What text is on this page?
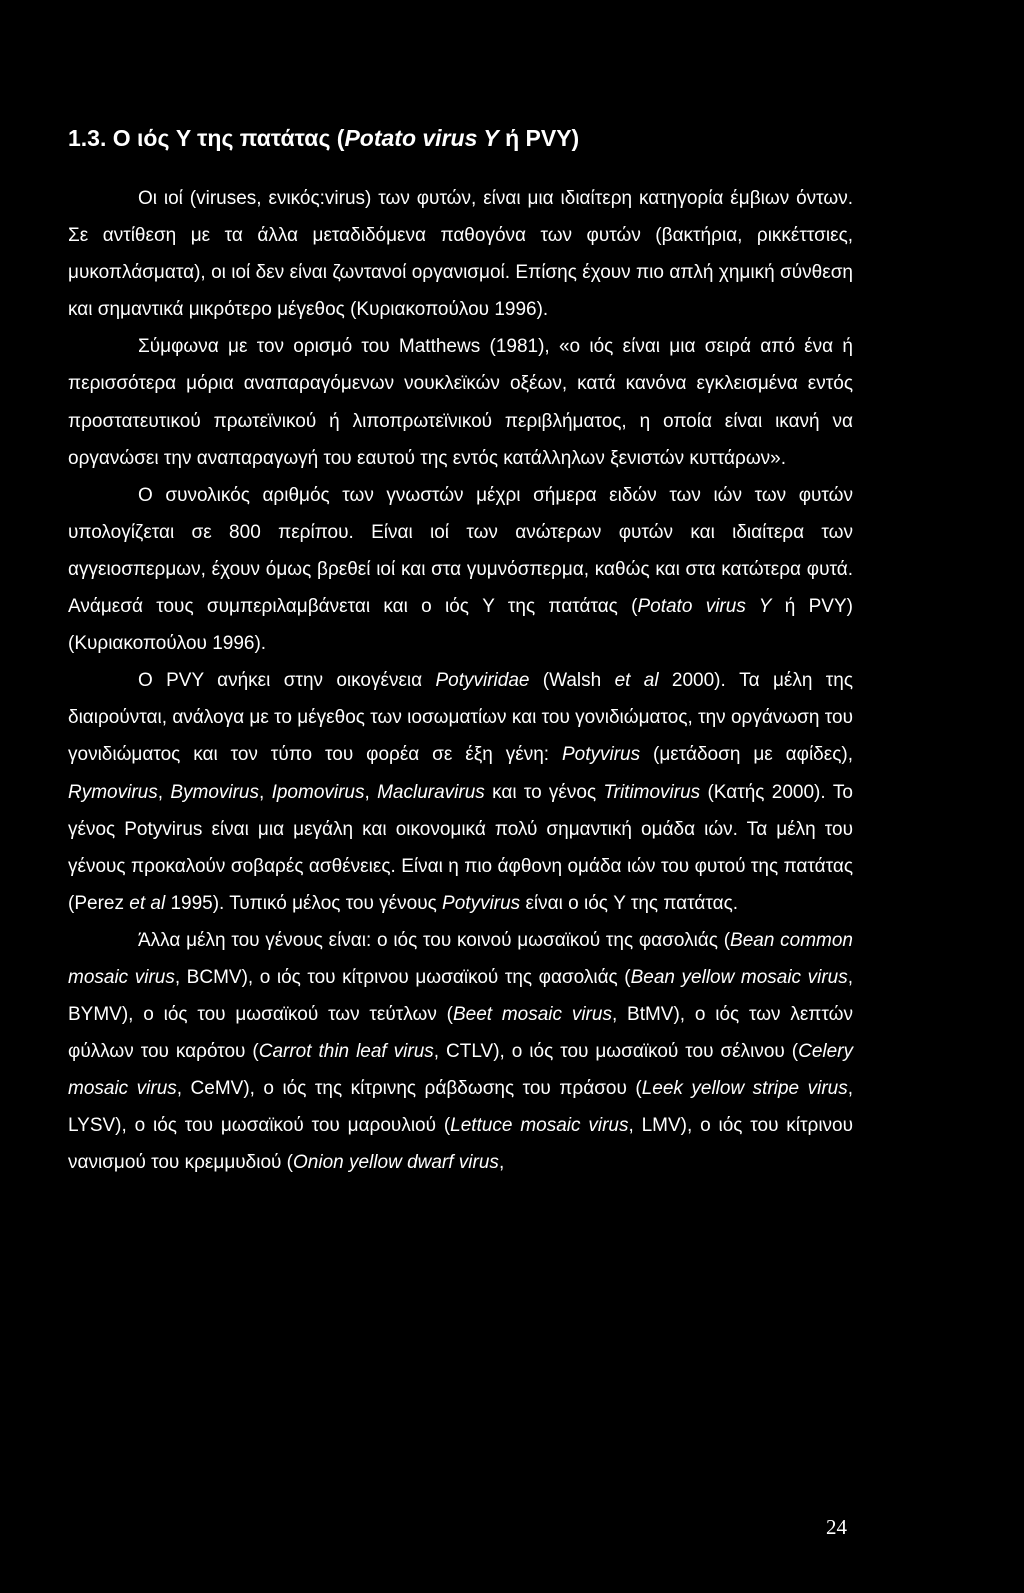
1.3. Ο ιός Y της πατάτας (Potato virus Y ή PVY)

Οι ιοί (viruses, ενικός:virus) των φυτών, είναι μια ιδιαίτερη κατηγορία έμβιων όντων. Σε αντίθεση με τα άλλα μεταδιδόμενα παθογόνα των φυτών (βακτήρια, ρικκέττσιες, μυκοπλάσματα), οι ιοί δεν είναι ζωντανοί οργανισμοί. Επίσης έχουν πιο απλή χημική σύνθεση και σημαντικά μικρότερο μέγεθος (Κυριακοπούλου 1996).

Σύμφωνα με τον ορισμό του Matthews (1981), «ο ιός είναι μια σειρά από ένα ή περισσότερα μόρια αναπαραγόμενων νουκλεϊκών οξέων, κατά κανόνα εγκλεισμένα εντός προστατευτικού πρωτεϊνικού ή λιποπρωτεϊνικού περιβλήματος, η οποία είναι ικανή να οργανώσει την αναπαραγωγή του εαυτού της εντός κατάλληλων ξενιστών κυττάρων».

Ο συνολικός αριθμός των γνωστών μέχρι σήμερα ειδών των ιών των φυτών υπολογίζεται σε 800 περίπου. Είναι ιοί των ανώτερων φυτών και ιδιαίτερα των αγγειοσπερμων, έχουν όμως βρεθεί ιοί και στα γυμνόσπερμα, καθώς και στα κατώτερα φυτά. Ανάμεσά τους συμπεριλαμβάνεται και ο ιός Y της πατάτας (Potato virus Y ή PVY) (Κυριακοπούλου 1996).

Ο PVY ανήκει στην οικογένεια Potyviridae (Walsh et al 2000). Τα μέλη της διαιρούνται, ανάλογα με το μέγεθος των ιοσωματίων και του γονιδιώματος, την οργάνωση του γονιδιώματος και τον τύπο του φορέα σε έξη γένη: Potyvirus (μετάδοση με αφίδες), Rymovirus, Bymovirus, Ipomovirus, Macluravirus και το γένος Tritimovirus (Κατής 2000). Το γένος Potyvirus είναι μια μεγάλη και οικονομικά πολύ σημαντική ομάδα ιών. Τα μέλη του γένους προκαλούν σοβαρές ασθένειες. Είναι η πιο άφθονη ομάδα ιών του φυτού της πατάτας (Perez et al 1995). Τυπικό μέλος του γένους Potyvirus είναι ο ιός Y της πατάτας.

Άλλα μέλη του γένους είναι: ο ιός του κοινού μωσαϊκού της φασολιάς (Bean common mosaic virus, BCMV), ο ιός του κίτρινου μωσαϊκού της φασολιάς (Bean yellow mosaic virus, BYMV), ο ιός του μωσαϊκού των τεύτλων (Beet mosaic virus, BtMV), ο ιός των λεπτών φύλλων του καρότου (Carrot thin leaf virus, CTLV), ο ιός του μωσαϊκού του σέλινου (Celery mosaic virus, CeMV), ο ιός της κίτρινης ράβδωσης του πράσου (Leek yellow stripe virus, LYSV), ο ιός του μωσαϊκού του μαρουλιού (Lettuce mosaic virus, LMV), ο ιός του κίτρινου νανισμού του κρεμμυδιού (Onion yellow dwarf virus,

24
